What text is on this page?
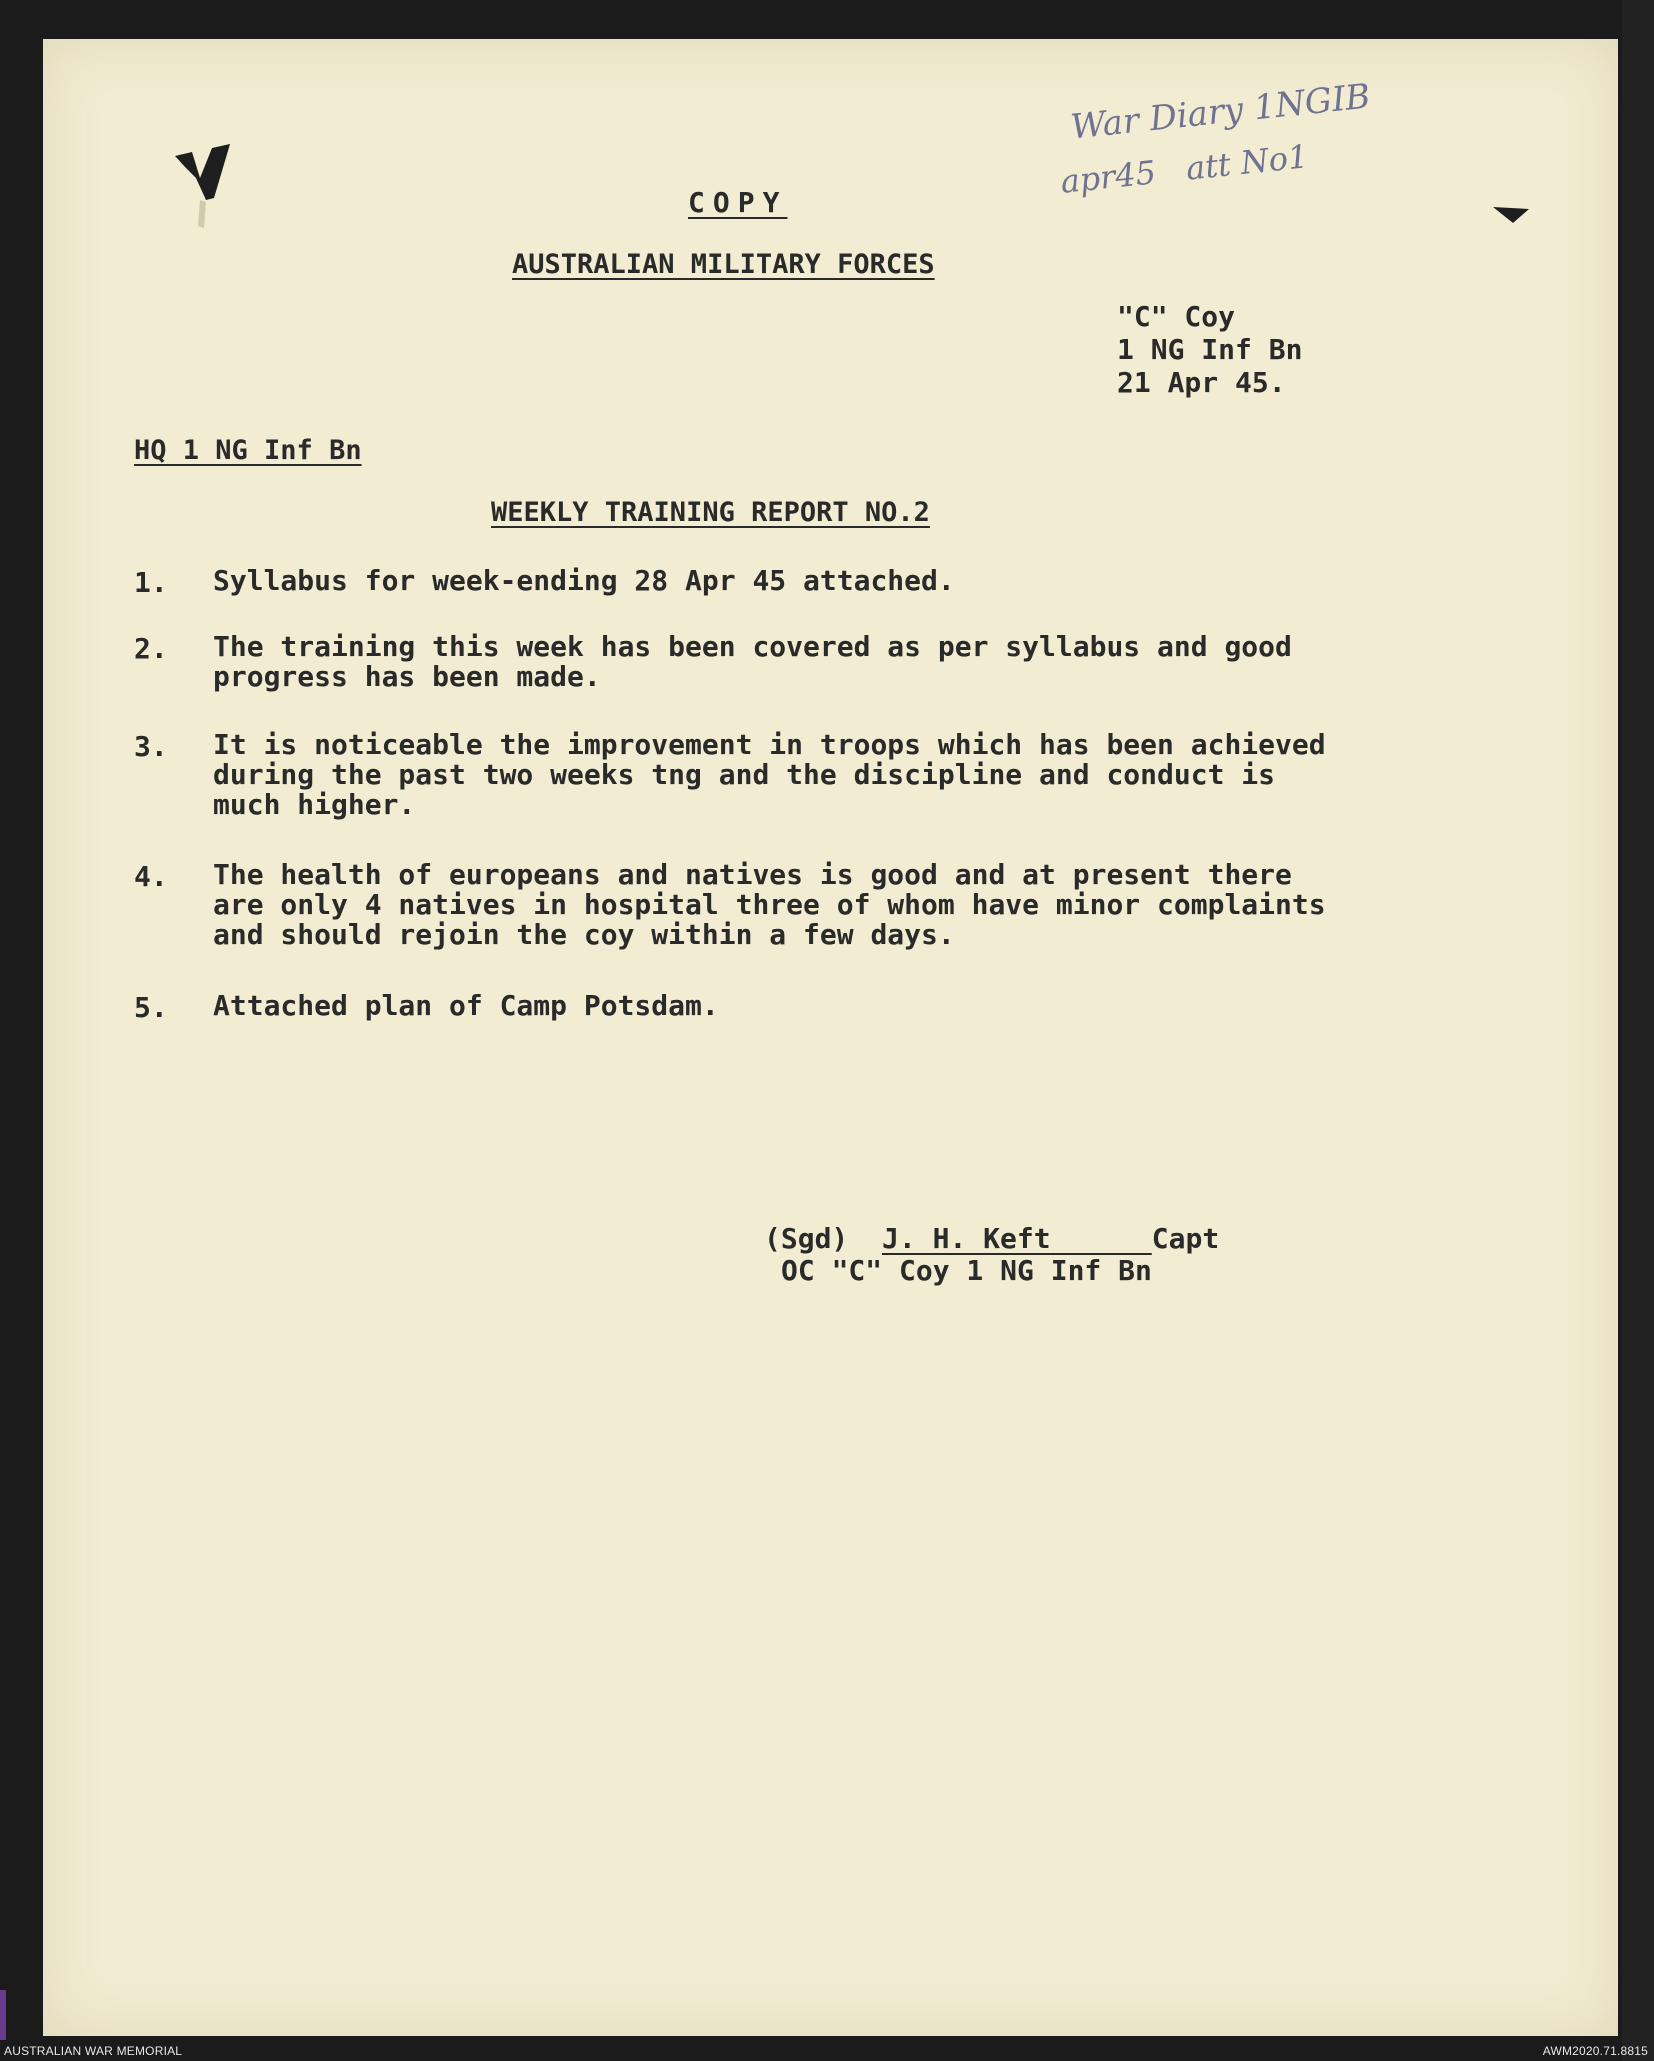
War Diary 1NGIB
apr45   att No1
COPY
AUSTRALIAN MILITARY FORCES
"C" Coy
1 NG Inf Bn
21 Apr 45.
HQ 1 NG Inf Bn
WEEKLY TRAINING REPORT NO.2
1. Syllabus for week-ending 28 Apr 45 attached.
2. The training this week has been covered as per syllabus and good
progress has been made.
3. It is noticeable the improvement in troops which has been achieved
during the past two weeks tng and the discipline and conduct is
much higher.
4. The health of europeans and natives is good and at present there
are only 4 natives in hospital three of whom have minor complaints
and should rejoin the coy within a few days.
5. Attached plan of Camp Potsdam.
(Sgd) J. H. Keft	Capt
OC "C" Coy 1 NG Inf Bn
AUSTRALIAN WAR MEMORIAL	AWM2020.71.8815
